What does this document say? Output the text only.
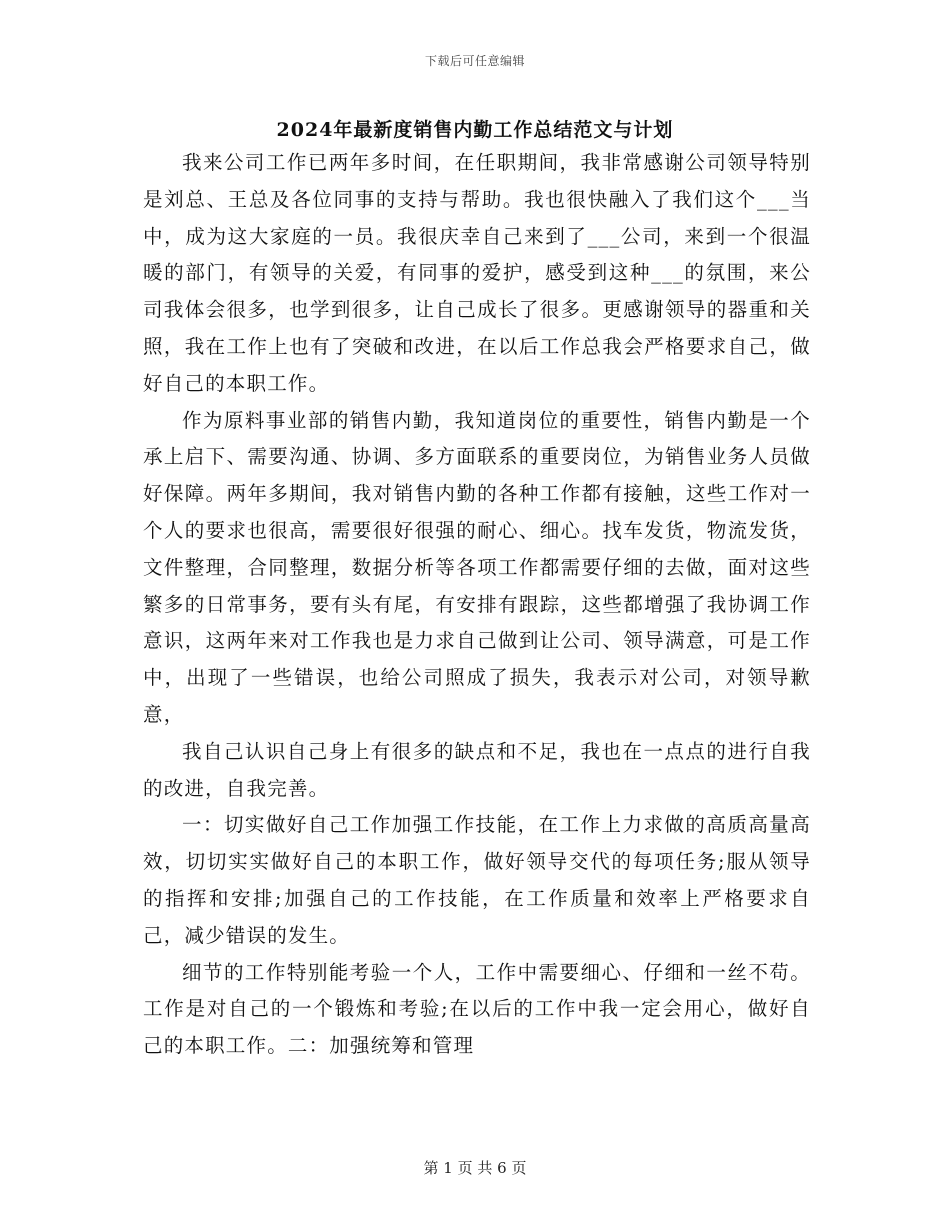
下载后可任意编辑
2024年最新度销售内勤工作总结范文与计划

我来公司工作已两年多时间，在任职期间，我非常感谢公司领导特别是刘总、王总及各位同事的支持与帮助。我也很快融入了我们这个___当中，成为这大家庭的一员。我很庆幸自己来到了___公司，来到一个很温暖的部门，有领导的关爱，有同事的爱护，感受到这种___的氛围，来公司我体会很多，也学到很多，让自己成长了很多。更感谢领导的器重和关照，我在工作上也有了突破和改进，在以后工作总我会严格要求自己，做好自己的本职工作。

作为原料事业部的销售内勤，我知道岗位的重要性，销售内勤是一个承上启下、需要沟通、协调、多方面联系的重要岗位，为销售业务人员做好保障。两年多期间，我对销售内勤的各种工作都有接触，这些工作对一个人的要求也很高，需要很好很强的耐心、细心。找车发货，物流发货，文件整理，合同整理，数据分析等各项工作都需要仔细的去做，面对这些繁多的日常事务，要有头有尾，有安排有跟踪，这些都增强了我协调工作意识，这两年来对工作我也是力求自己做到让公司、领导满意，可是工作中，出现了一些错误，也给公司照成了损失，我表示对公司，对领导歉意，

我自己认识自己身上有很多的缺点和不足，我也在一点点的进行自我的改进，自我完善。

一：切实做好自己工作加强工作技能，在工作上力求做的高质高量高效，切切实实做好自己的本职工作，做好领导交代的每项任务;服从领导的指挥和安排;加强自己的工作技能，在工作质量和效率上严格要求自己，减少错误的发生。

细节的工作特别能考验一个人，工作中需要细心、仔细和一丝不苟。工作是对自己的一个锻炼和考验;在以后的工作中我一定会用心，做好自己的本职工作。二：加强统筹和管理

第 1 页 共 6 页
